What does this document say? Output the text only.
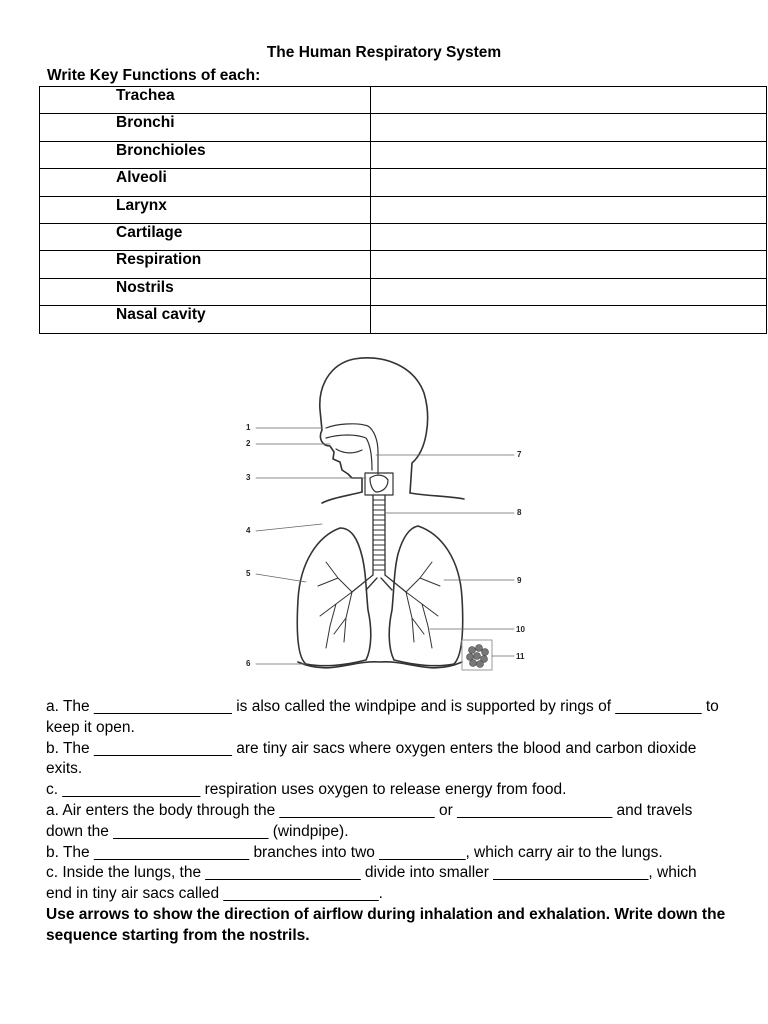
The Human Respiratory System
Write Key Functions of each:
Trachea	
Bronchi	
Bronchioles	
Alveoli	
Larynx	
Cartilage	
Respiration	
Nostrils	
Nasal cavity	
1
2
3
4
5
6
7
8
9
10
11

a. The ________________ is also called the windpipe and is supported by rings of __________ to keep it open.

b. The ________________ are tiny air sacs where oxygen enters the blood and carbon dioxide exits.

c. ________________ respiration uses oxygen to release energy from food.

a. Air enters the body through the __________________ or __________________ and travels down the __________________ (windpipe).

b. The __________________ branches into two __________, which carry air to the lungs.

c. Inside the lungs, the __________________ divide into smaller __________________, which end in tiny air sacs called __________________.

Use arrows to show the direction of airflow during inhalation and exhalation. Write down the sequence starting from the nostrils.
